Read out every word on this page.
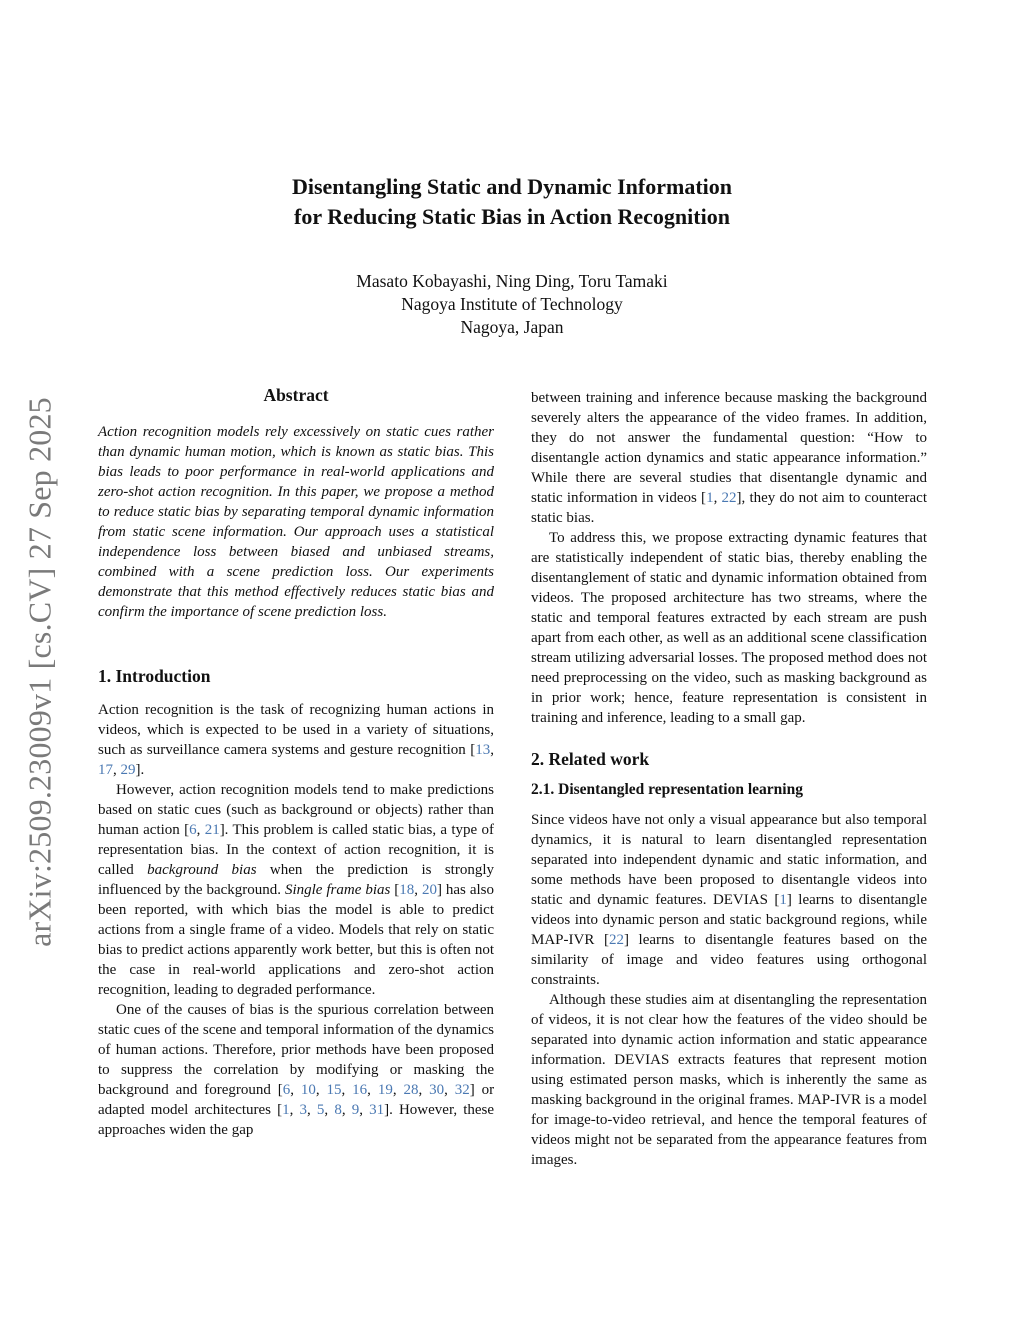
arXiv:2509.23009v1 [cs.CV] 27 Sep 2025
Disentangling Static and Dynamic Information
for Reducing Static Bias in Action Recognition
Masato Kobayashi, Ning Ding, Toru Tamaki
Nagoya Institute of Technology
Nagoya, Japan
Abstract

Action recognition models rely excessively on static cues rather than dynamic human motion, which is known as static bias. This bias leads to poor performance in real-world applications and zero-shot action recognition. In this paper, we propose a method to reduce static bias by separating temporal dynamic information from static scene information. Our approach uses a statistical independence loss between biased and unbiased streams, combined with a scene prediction loss. Our experiments demonstrate that this method effectively reduces static bias and confirm the importance of scene prediction loss.

1. Introduction

Action recognition is the task of recognizing human actions in videos, which is expected to be used in a variety of situations, such as surveillance camera systems and gesture recognition [13, 17, 29].

However, action recognition models tend to make predictions based on static cues (such as background or objects) rather than human action [6, 21]. This problem is called static bias, a type of representation bias. In the context of action recognition, it is called background bias when the prediction is strongly influenced by the background. Single frame bias [18, 20] has also been reported, with which bias the model is able to predict actions from a single frame of a video. Models that rely on static bias to predict actions apparently work better, but this is often not the case in real-world applications and zero-shot action recognition, leading to degraded performance.

One of the causes of bias is the spurious correlation between static cues of the scene and temporal information of the dynamics of human actions. Therefore, prior methods have been proposed to suppress the correlation by modifying or masking the background and foreground [6, 10, 15, 16, 19, 28, 30, 32] or adapted model architectures [1, 3, 5, 8, 9, 31]. However, these approaches widen the gap

between training and inference because masking the background severely alters the appearance of the video frames. In addition, they do not answer the fundamental question: “How to disentangle action dynamics and static appearance information.” While there are several studies that disentangle dynamic and static information in videos [1, 22], they do not aim to counteract static bias.

To address this, we propose extracting dynamic features that are statistically independent of static bias, thereby enabling the disentanglement of static and dynamic information obtained from videos. The proposed architecture has two streams, where the static and temporal features extracted by each stream are push apart from each other, as well as an additional scene classification stream utilizing adversarial losses. The proposed method does not need preprocessing on the video, such as masking background as in prior work; hence, feature representation is consistent in training and inference, leading to a small gap.

2. Related work
2.1. Disentangled representation learning

Since videos have not only a visual appearance but also temporal dynamics, it is natural to learn disentangled representation separated into independent dynamic and static information, and some methods have been proposed to disentangle videos into static and dynamic features. DEVIAS [1] learns to disentangle videos into dynamic person and static background regions, while MAP-IVR [22] learns to disentangle features based on the similarity of image and video features using orthogonal constraints.

Although these studies aim at disentangling the representation of videos, it is not clear how the features of the video should be separated into dynamic action information and static appearance information. DEVIAS extracts features that represent motion using estimated person masks, which is inherently the same as masking background in the original frames. MAP-IVR is a model for image-to-video retrieval, and hence the temporal features of videos might not be separated from the appearance features from images.
